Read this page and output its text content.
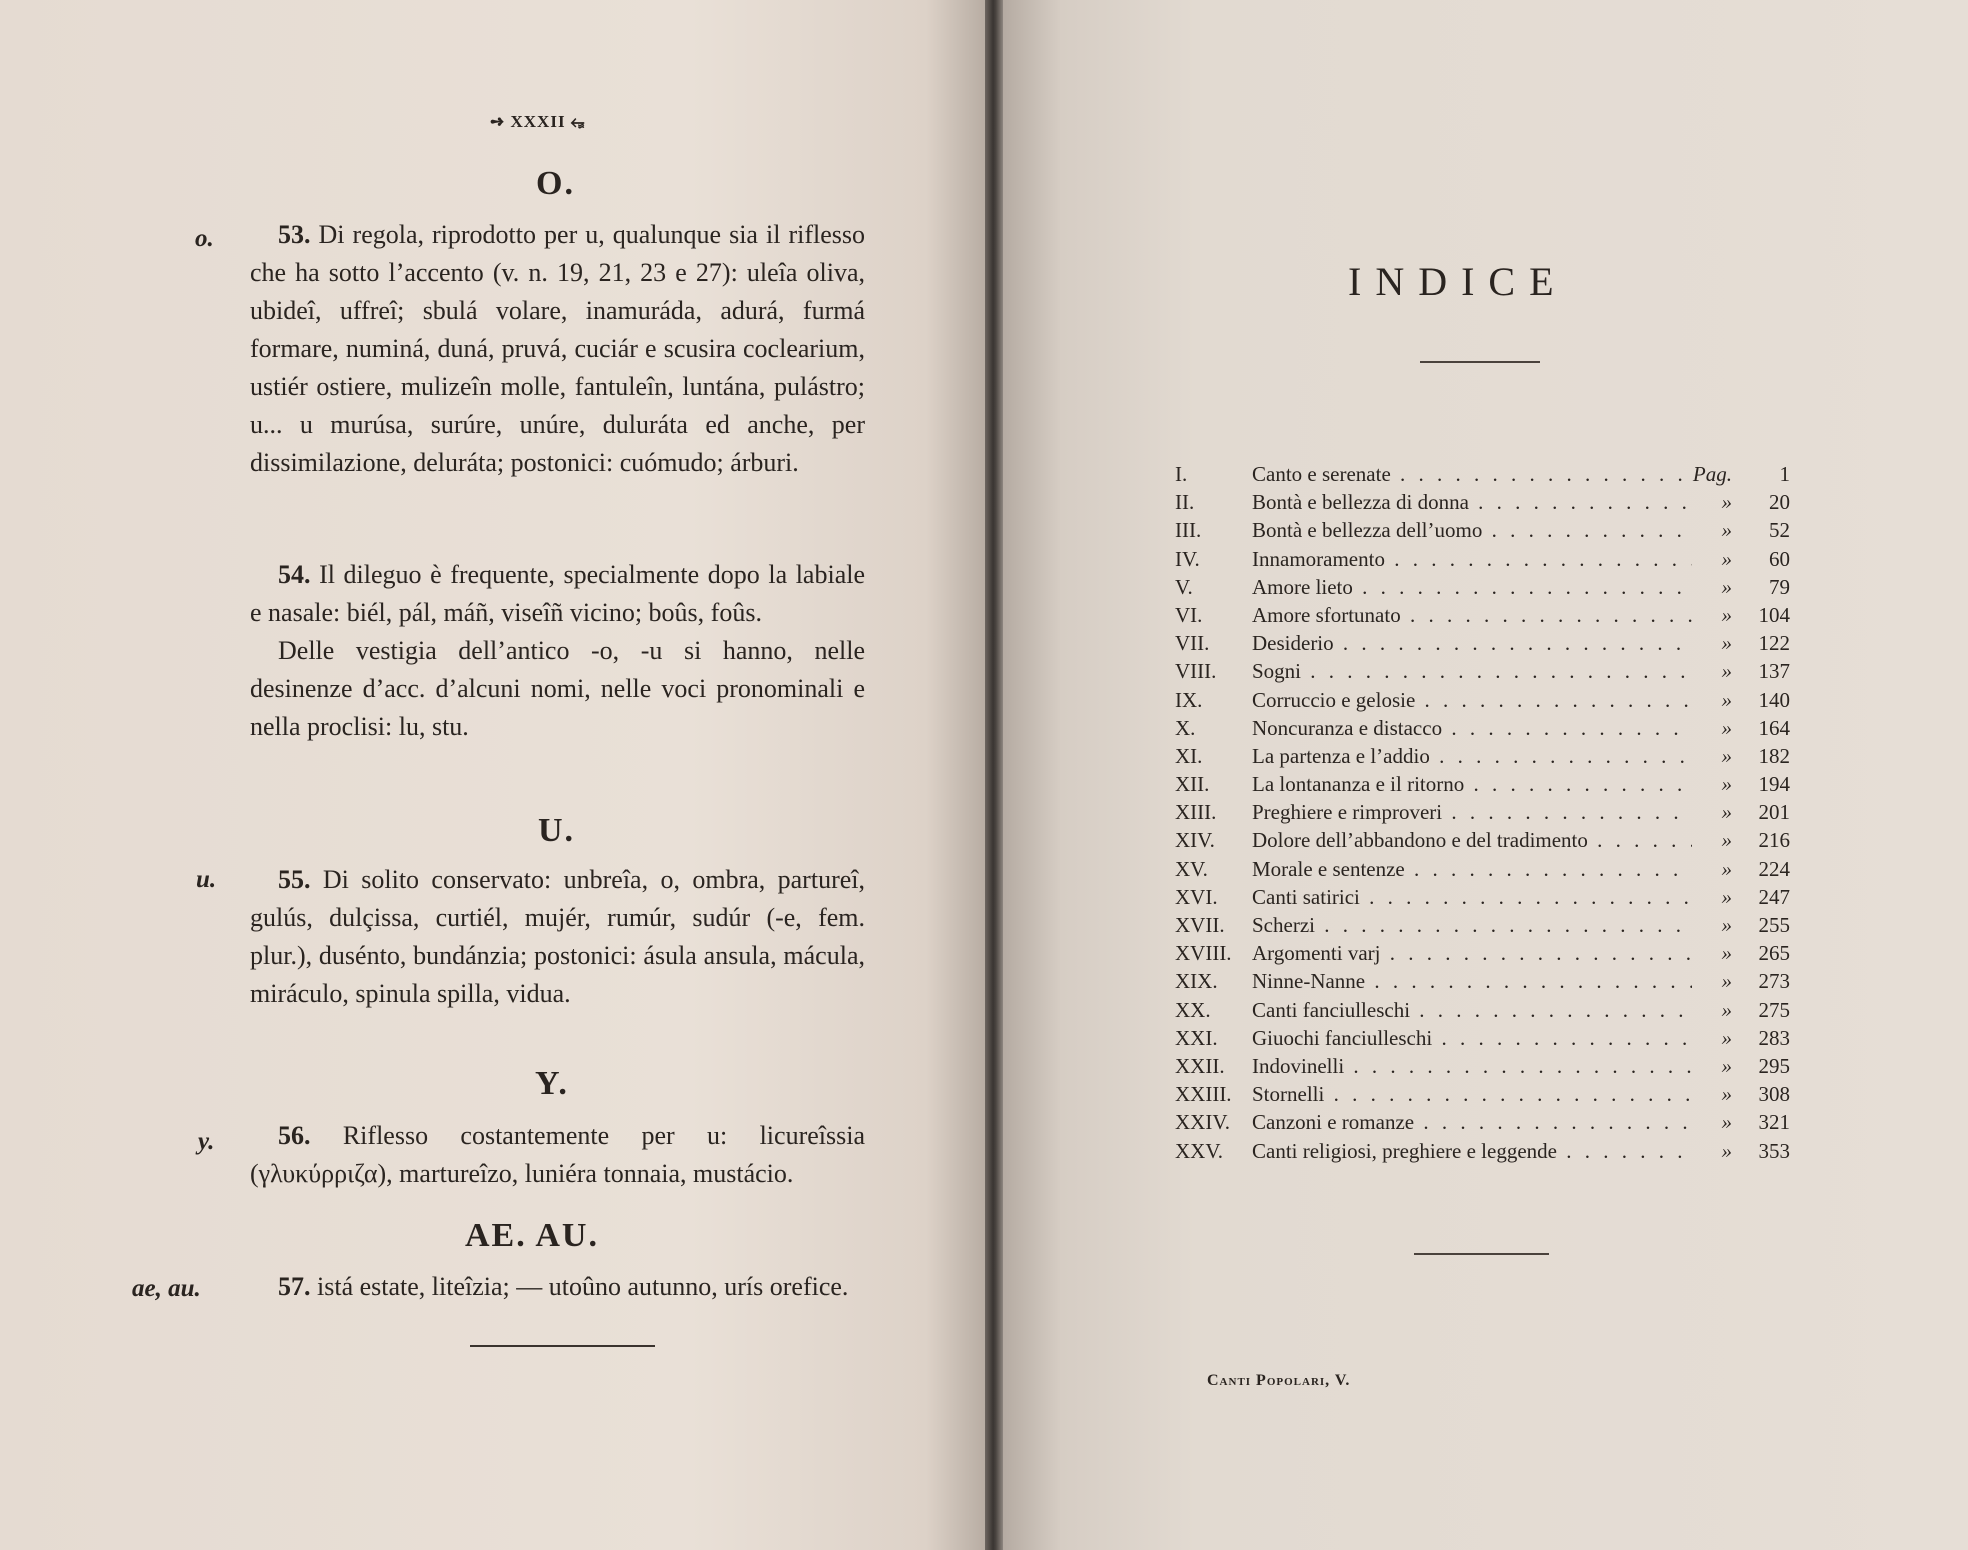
➺ XXXII ⭂
O.
o.	53. Di regola, riprodotto per u, qualunque sia il riflesso che ha sotto l’accento (v. n. 19, 21, 23 e 27): uleîa oliva, ubideî, uffreî; sbulá volare, inamuráda, adurá, furmá formare, numiná, duná, pruvá, cuciár e scusira coclearium, ustiér ostiere, mulizeîn molle, fantuleîn, luntána, pulástro; u... u murúsa, surúre, unúre, duluráta ed anche, per dissimilazione, deluráta; postonici: cuómudo; árburi.

54. Il dileguo è frequente, specialmente dopo la labiale e nasale: biél, pál, máñ, viseîñ vicino; boûs, foûs.

Delle vestigia dell’antico -o, -u si hanno, nelle desinenze d’acc. d’alcuni nomi, nelle voci pronominali e nella proclisi: lu, stu.

U.
u.	55. Di solito conservato: unbreîa, o, ombra, partureî, gulús, dulçissa, curtiél, mujér, rumúr, sudúr (-e, fem. plur.), dusénto, bundánzia; postonici: ásula ansula, mácula, miráculo, spinula spilla, vidua.

Y.
y.	56. Riflesso costantemente per u: licureîssia (γλυκύρριζα), martureîzo, luniéra tonnaia, mustácio.

AE. AU.
ae, au.	57. istá estate, liteîzia; — utoûno autunno, urís orefice.

INDICE
I.	Canto e serenate . . .	Pag.	1
II.	Bontà e bellezza di donna . . .	»	20
III. Bontà e bellezza dell’uomo . . .	»	52
IV. Innamoramento . . .	»	60
V.	Amore lieto . . .	»	79
VI. Amore sfortunato . . .	»	104
VII. Desiderio . . .	»	122
VIII. Sogni . . .	»	137
IX. Corruccio e gelosie . . .	»	140
X.	Noncuranza e distacco . . .	»	164
XI. La partenza e l’addio . . .	»	182
XII. La lontananza e il ritorno . . .	»	194
XIII. Preghiere e rimproveri . . .	»	201
XIV. Dolore dell’abbandono e del tradimento . . .	»	216
XV. Morale e sentenze . . .	»	224
XVI. Canti satirici . . .	»	247
XVII. Scherzi . . .	»	255
XVIII. Argomenti varj . . .	»	265
XIX. Ninne-Nanne . . .	»	273
XX. Canti fanciulleschi . . .	»	275
XXI. Giuochi fanciulleschi . . .	»	283
XXII. Indovinelli . . .	»	295
XXIII. Stornelli . . .	»	308
XXIV. Canzoni e romanze . . .	»	321
XXV. Canti religiosi, preghiere e leggende . . .	»	353
Canti Popolari, V.
